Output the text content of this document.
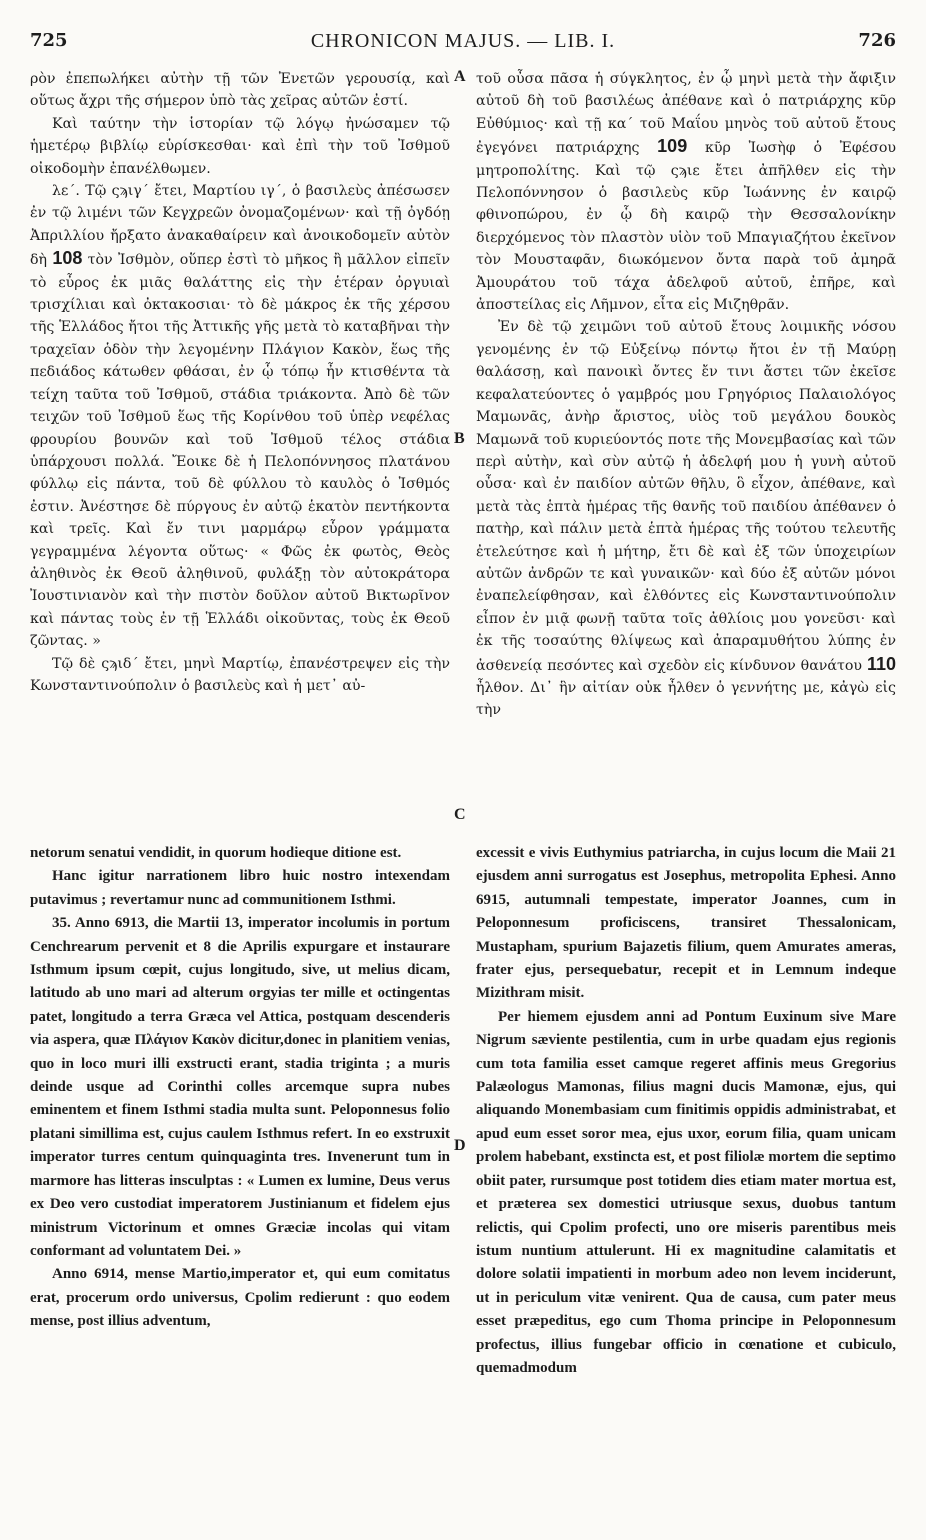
725	CHRONICON MAJUS. — LIB. I.	726
A
B
C
D

ρὸν ἐπεπωλήκει αὐτὴν τῇ τῶν Ἐνετῶν γερουσίᾳ, καὶ οὕτως ἄχρι τῆς σήμερον ὑπὸ τὰς χεῖρας αὐτῶν ἐστί.

Καὶ ταύτην τὴν ἱστορίαν τῷ λόγῳ ἠνώσαμεν τῷ ἡμετέρῳ βιβλίῳ εὑρίσκεσθαι· καὶ ἐπὶ τὴν τοῦ Ἰσθμοῦ οἰκοδομὴν ἐπανέλθωμεν.

λε΄. Τῷ ςϡιγ΄ ἔτει, Μαρτίου ιγ΄, ὁ βασιλεὺς ἀπέσωσεν ἐν τῷ λιμένι τῶν Κεγχρεῶν ὀνομαζομένων· καὶ τῇ ὀγδόῃ Ἀπριλλίου ἤρξατο ἀνακαθαίρειν καὶ ἀνοικοδομεῖν αὐτὸν δὴ 108 τὸν Ἰσθμὸν, οὕπερ ἐστὶ τὸ μῆκος ἢ μᾶλλον εἰπεῖν τὸ εὖρος ἐκ μιᾶς θαλάττης εἰς τὴν ἑτέραν ὀργυιαὶ τρισχίλιαι καὶ ὀκτακοσιαι· τὸ δὲ μάκρος ἐκ τῆς χέρσου τῆς Ἑλλάδος ἤτοι τῆς Ἀττικῆς γῆς μετὰ τὸ καταβῆναι τὴν τραχεῖαν ὁδὸν τὴν λεγομένην Πλάγιον Κακὸν, ἕως τῆς πεδιάδος κάτωθεν φθάσαι, ἐν ᾧ τόπῳ ἦν κτισθέντα τὰ τείχη ταῦτα τοῦ Ἰσθμοῦ, στάδια τριάκοντα. Ἀπὸ δὲ τῶν τειχῶν τοῦ Ἰσθμοῦ ἕως τῆς Κορίνθου τοῦ ὑπὲρ νεφέλας φρουρίου βουνῶν καὶ τοῦ Ἰσθμοῦ τέλος στάδια ὑπάρχουσι πολλά. Ἔοικε δὲ ἡ Πελοπόννησος πλατάνου φύλλῳ εἰς πάντα, τοῦ δὲ φύλλου τὸ καυλὸς ὁ Ἰσθμός ἐστιν. Ἀνέστησε δὲ πύργους ἐν αὐτῷ ἑκατὸν πεντήκοντα καὶ τρεῖς. Καὶ ἔν τινι μαρμάρῳ εὗρον γράμματα γεγραμμένα λέγοντα οὕτως· « Φῶς ἐκ φωτὸς, Θεὸς ἀληθινὸς ἐκ Θεοῦ ἀληθινοῦ, φυλάξῃ τὸν αὐτοκράτορα Ἰουστινιανὸν καὶ τὴν πιστὸν δοῦλον αὐτοῦ Βικτωρῖνον καὶ πάντας τοὺς ἐν τῇ Ἑλλάδι οἰκοῦντας, τοὺς ἐκ Θεοῦ ζῶντας. »

Τῷ δὲ ςϡιδ΄ ἔτει, μηνὶ Μαρτίῳ, ἐπανέστρεψεν εἰς τὴν Κωνσταντινούπολιν ὁ βασιλεὺς καὶ ἡ μετ᾽ αὐ-

τοῦ οὖσα πᾶσα ἡ σύγκλητος, ἐν ᾧ μηνὶ μετὰ τὴν ἄφιξιν αὐτοῦ δὴ τοῦ βασιλέως ἀπέθανε καὶ ὁ πατριάρχης κῦρ Εὐθύμιος· καὶ τῇ κα΄ τοῦ Μαΐου μηνὸς τοῦ αὐτοῦ ἔτους ἐγεγόνει πατριάρχης 109 κῦρ Ἰωσὴφ ὁ Ἐφέσου μητροπολίτης. Καὶ τῷ ςϡιε ἔτει ἀπῆλθεν εἰς τὴν Πελοπόννησον ὁ βασιλεὺς κῦρ Ἰωάννης ἐν καιρῷ φθινοπώρου, ἐν ᾧ δὴ καιρῷ τὴν Θεσσαλονίκην διερχόμενος τὸν πλαστὸν υἱὸν τοῦ Μπαγιαζήτου ἐκεῖνον τὸν Μουσταφᾶν, διωκόμενον ὄντα παρὰ τοῦ ἀμηρᾶ Ἀμουράτου τοῦ τάχα ἀδελφοῦ αὐτοῦ, ἐπῆρε, καὶ ἀποστείλας εἰς Λῆμνον, εἶτα εἰς Μιζηθρᾶν.

Ἐν δὲ τῷ χειμῶνι τοῦ αὐτοῦ ἔτους λοιμικῆς νόσου γενομένης ἐν τῷ Εὐξείνῳ πόντῳ ἤτοι ἐν τῇ Μαύρῃ θαλάσσῃ, καὶ πανοικὶ ὄντες ἔν τινι ἄστει τῶν ἐκεῖσε κεφαλατεύοντες ὁ γαμβρός μου Γρηγόριος Παλαιολόγος Μαμωνᾶς, ἀνὴρ ἄριστος, υἱὸς τοῦ μεγάλου δουκὸς Μαμωνᾶ τοῦ κυριεύοντός ποτε τῆς Μονεμβασίας καὶ τῶν περὶ αὐτὴν, καὶ σὺν αὐτῷ ἡ ἀδελφή μου ἡ γυνὴ αὐτοῦ οὖσα· καὶ ἐν παιδίον αὐτῶν θῆλυ, ὃ εἶχον, ἀπέθανε, καὶ μετὰ τὰς ἑπτὰ ἡμέρας τῆς θανῆς τοῦ παιδίου ἀπέθανεν ὁ πατὴρ, καὶ πάλιν μετὰ ἑπτὰ ἡμέρας τῆς τούτου τελευτῆς ἐτελεύτησε καὶ ἡ μήτηρ, ἔτι δὲ καὶ ἐξ τῶν ὑποχειρίων αὐτῶν ἀνδρῶν τε καὶ γυναικῶν· καὶ δύο ἐξ αὐτῶν μόνοι ἐναπελείφθησαν, καὶ ἐλθόντες εἰς Κωνσταντινούπολιν εἶπον ἐν μιᾷ φωνῇ ταῦτα τοῖς ἀθλίοις μου γονεῦσι· καὶ ἐκ τῆς τοσαύτης θλίψεως καὶ ἀπαραμυθήτου λύπης ἐν ἀσθενείᾳ πεσόντες καὶ σχεδὸν εἰς κίνδυνον θανάτου 110 ἦλθον. Δι᾽ ἣν αἰτίαν οὐκ ἦλθεν ὁ γεννήτης με, κἀγὼ εἰς τὴν

netorum senatui vendidit, in quorum hodieque ditione est.

Hanc igitur narrationem libro huic nostro intexendam putavimus ; revertamur nunc ad communitionem Isthmi.

35. Anno 6913, die Martii 13, imperator incolumis in portum Cenchrearum pervenit et 8 die Aprilis expurgare et instaurare Isthmum ipsum cœpit, cujus longitudo, sive, ut melius dicam, latitudo ab uno mari ad alterum orgyias ter mille et octingentas patet, longitudo a terra Græca vel Attica, postquam descenderis via aspera, quæ Πλάγιον Κακὸν dicitur,donec in planitiem venias, quo in loco muri illi exstructi erant, stadia triginta ; a muris deinde usque ad Corinthi colles arcemque supra nubes eminentem et finem Isthmi stadia multa sunt. Peloponnesus folio platani simillima est, cujus caulem Isthmus refert. In eo exstruxit imperator turres centum quinquaginta tres. Invenerunt tum in marmore has litteras insculptas : « Lumen ex lumine, Deus verus ex Deo vero custodiat imperatorem Justinianum et fidelem ejus ministrum Victorinum et omnes Græciæ incolas qui vitam conformant ad voluntatem Dei. »

Anno 6914, mense Martio,imperator et, qui eum comitatus erat, procerum ordo universus, Cpolim redierunt : quo eodem mense, post illius adventum,

excessit e vivis Euthymius patriarcha, in cujus locum die Maii 21 ejusdem anni surrogatus est Josephus, metropolita Ephesi. Anno 6915, autumnali tempestate, imperator Joannes, cum in Peloponnesum proficiscens, transiret Thessalonicam, Mustapham, spurium Bajazetis filium, quem Amurates ameras, frater ejus, persequebatur, recepit et in Lemnum indeque Mizithram misit.

Per hiemem ejusdem anni ad Pontum Euxinum sive Mare Nigrum sæviente pestilentia, cum in urbe quadam ejus regionis cum tota familia esset camque regeret affinis meus Gregorius Palæologus Mamonas, filius magni ducis Mamonæ, ejus, qui aliquando Monembasiam cum finitimis oppidis administrabat, et apud eum esset soror mea, ejus uxor, eorum filia, quam unicam prolem habebant, exstincta est, et post filiolæ mortem die septimo obiit pater, rursumque post totidem dies etiam mater mortua est, et præterea sex domestici utriusque sexus, duobus tantum relictis, qui Cpolim profecti, uno ore miseris parentibus meis istum nuntium attulerunt. Hi ex magnitudine calamitatis et dolore solatii impatienti in morbum adeo non levem inciderunt, ut in periculum vitæ venirent. Qua de causa, cum pater meus esset præpeditus, ego cum Thoma principe in Peloponnesum profectus, illius fungebar officio in cœnatione et cubiculo, quemadmodum
